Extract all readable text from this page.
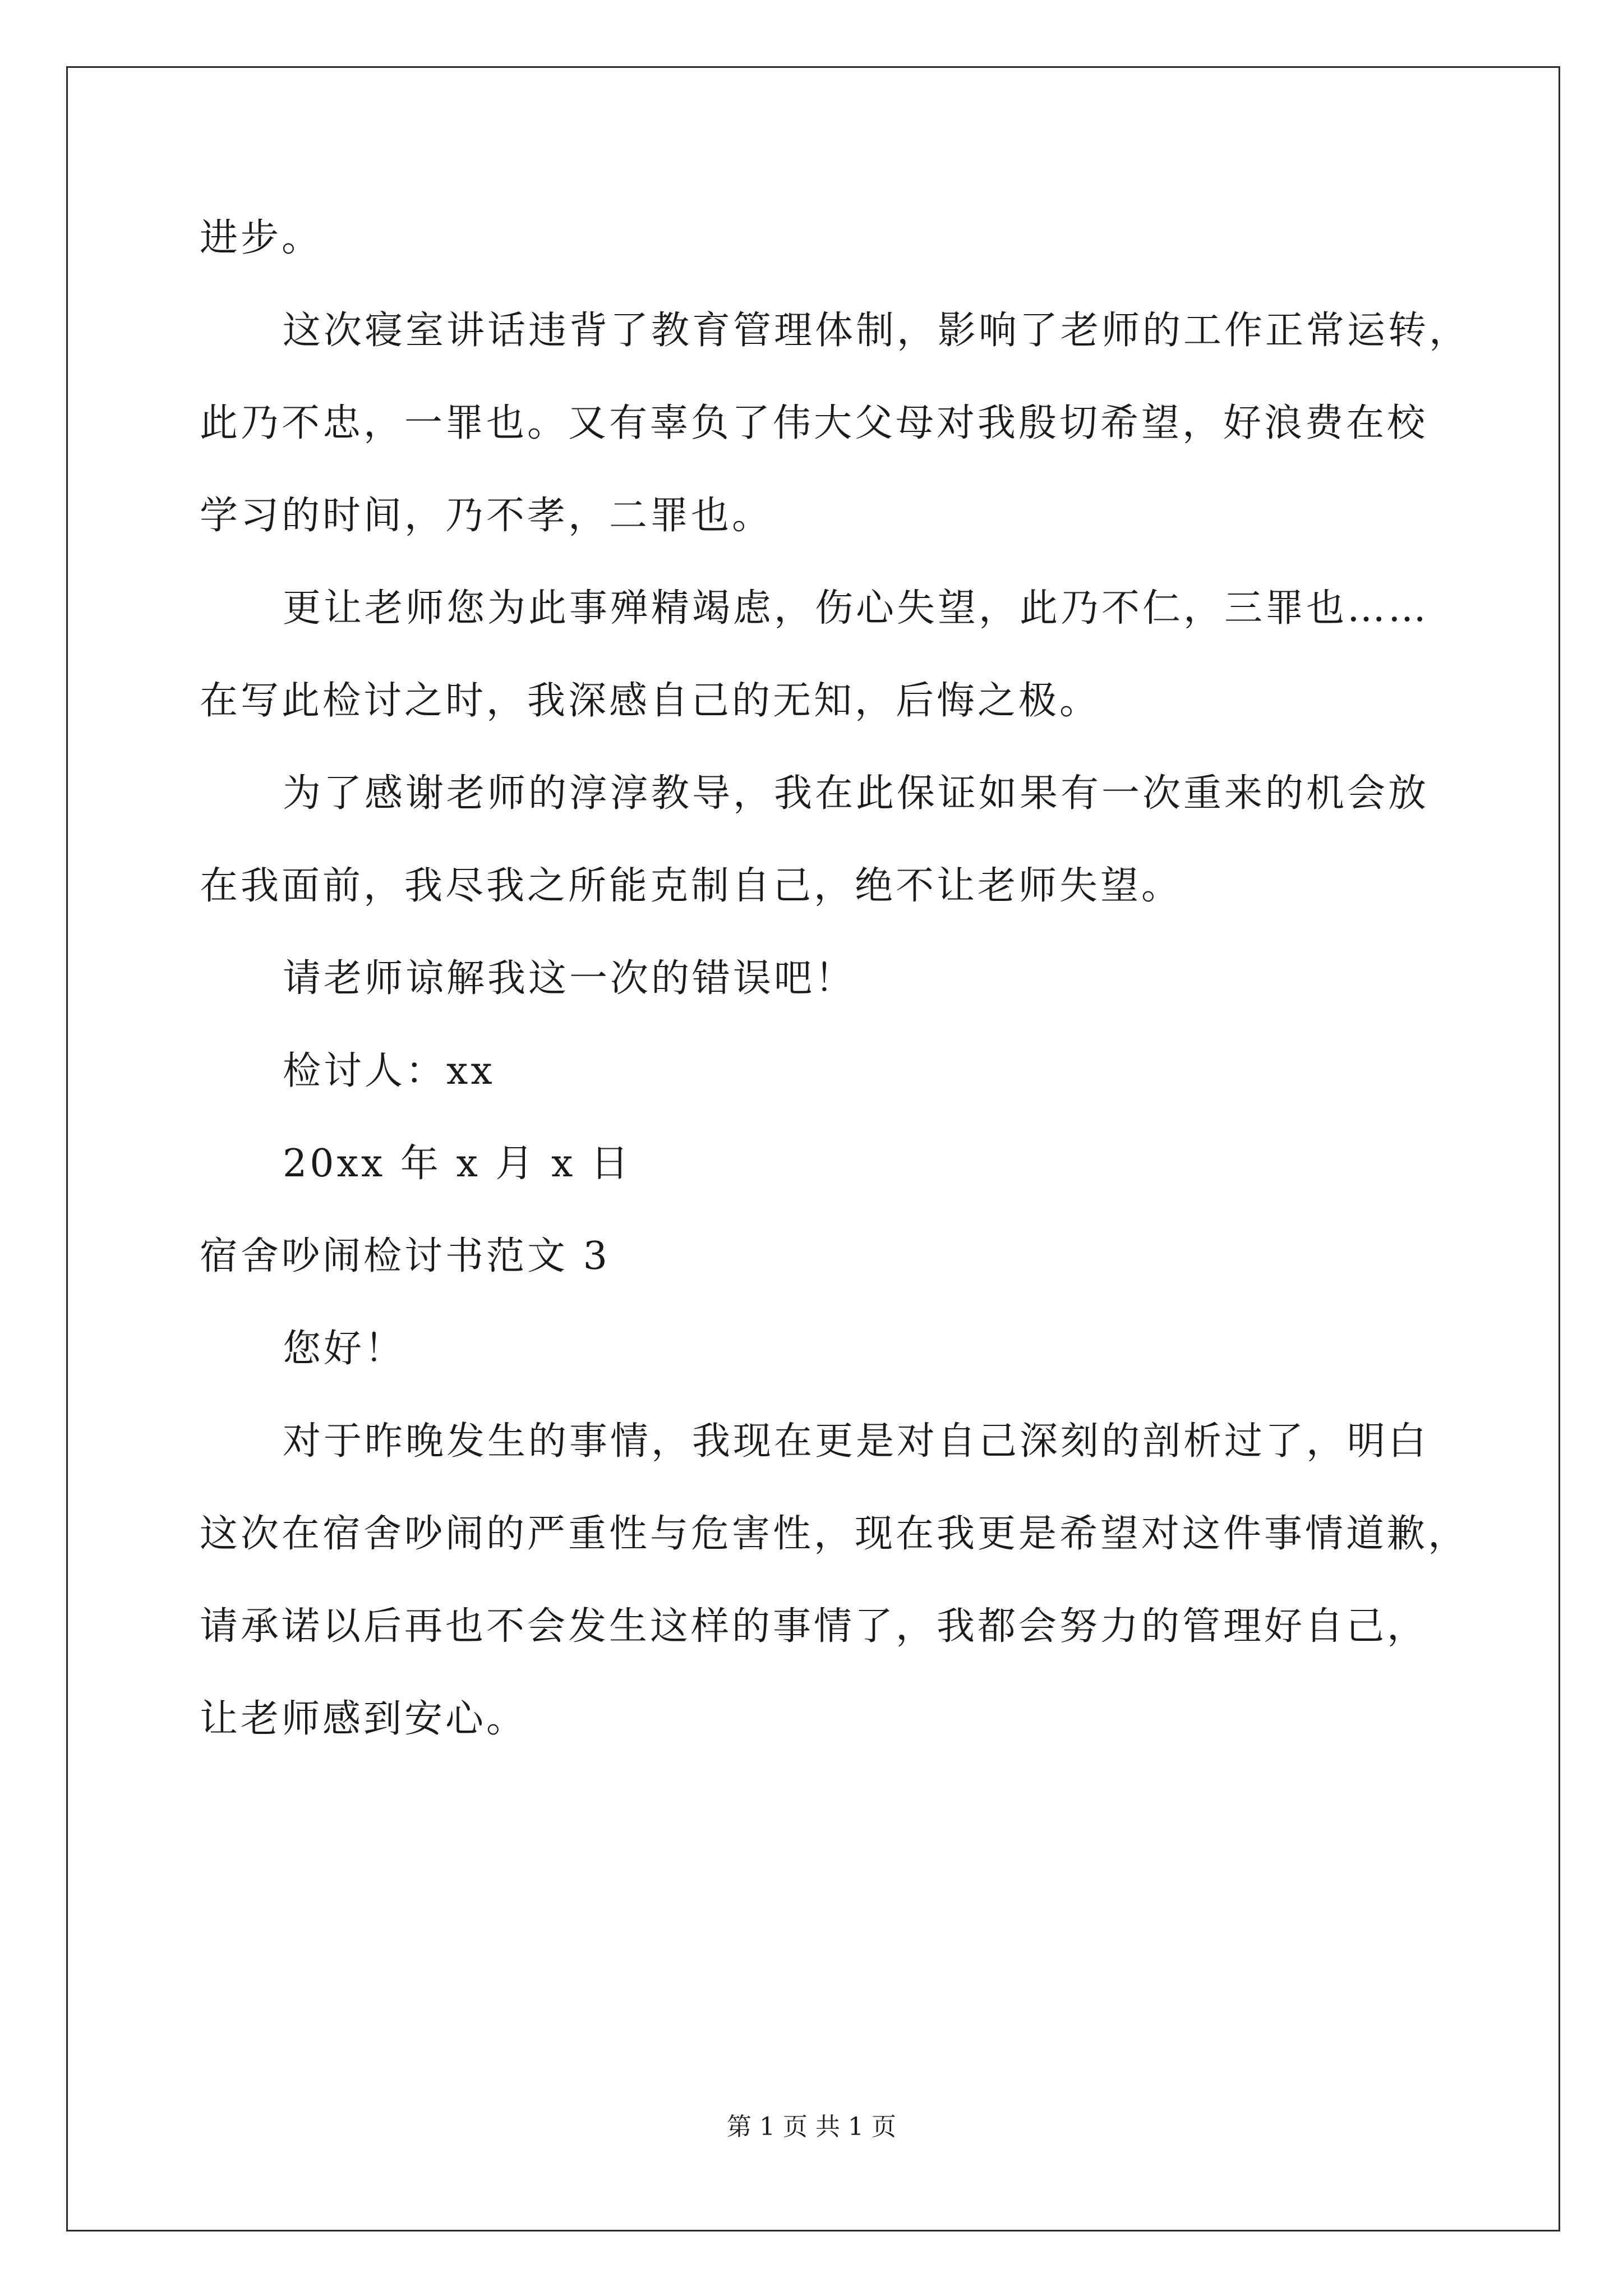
进步。
这次寝室讲话违背了教育管理体制，影响了老师的工作正常运转，
此乃不忠，一罪也。又有辜负了伟大父母对我殷切希望，好浪费在校
学习的时间，乃不孝，二罪也。
更让老师您为此事殚精竭虑，伤心失望，此乃不仁，三罪也……
在写此检讨之时，我深感自己的无知，后悔之极。
为了感谢老师的淳淳教导，我在此保证如果有一次重来的机会放
在我面前，我尽我之所能克制自己，绝不让老师失望。
请老师谅解我这一次的错误吧！
检讨人：xx
20xx 年 x 月 x 日
宿舍吵闹检讨书范文 3
您好！
对于昨晚发生的事情，我现在更是对自己深刻的剖析过了，明白
这次在宿舍吵闹的严重性与危害性，现在我更是希望对这件事情道歉，
请承诺以后再也不会发生这样的事情了，我都会努力的管理好自己，
让老师感到安心。
第 1 页 共 1 页
